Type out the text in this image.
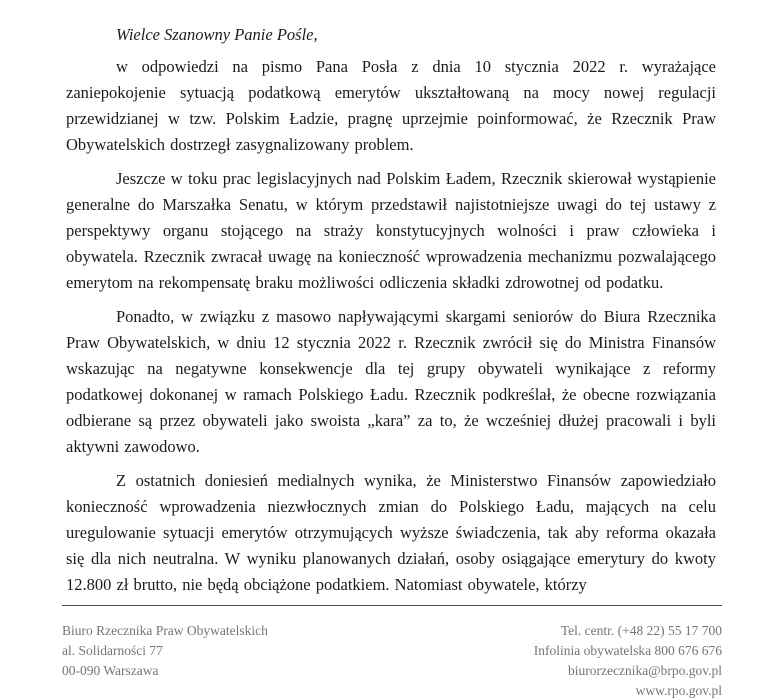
Wielce Szanowny Panie Pośle,

w odpowiedzi na pismo Pana Posła z dnia 10 stycznia 2022 r. wyrażające zaniepokojenie sytuacją podatkową emerytów ukształtowaną na mocy nowej regulacji przewidzianej w tzw. Polskim Ładzie, pragnę uprzejmie poinformować, że Rzecznik Praw Obywatelskich dostrzegł zasygnalizowany problem.

Jeszcze w toku prac legislacyjnych nad Polskim Ładem, Rzecznik skierował wystąpienie generalne do Marszałka Senatu, w którym przedstawił najistotniejsze uwagi do tej ustawy z perspektywy organu stojącego na straży konstytucyjnych wolności i praw człowieka i obywatela. Rzecznik zwracał uwagę na konieczność wprowadzenia mechanizmu pozwalającego emerytom na rekompensatę braku możliwości odliczenia składki zdrowotnej od podatku.

Ponadto, w związku z masowo napływającymi skargami seniorów do Biura Rzecznika Praw Obywatelskich, w dniu 12 stycznia 2022 r. Rzecznik zwrócił się do Ministra Finansów wskazując na negatywne konsekwencje dla tej grupy obywateli wynikające z reformy podatkowej dokonanej w ramach Polskiego Ładu. Rzecznik podkreślał, że obecne rozwiązania odbierane są przez obywateli jako swoista „kara” za to, że wcześniej dłużej pracowali i byli aktywni zawodowo.

Z ostatnich doniesień medialnych wynika, że Ministerstwo Finansów zapowiedziało konieczność wprowadzenia niezwłocznych zmian do Polskiego Ładu, mających na celu uregulowanie sytuacji emerytów otrzymujących wyższe świadczenia, tak aby reforma okazała się dla nich neutralna. W wyniku planowanych działań, osoby osiągające emerytury do kwoty 12.800 zł brutto, nie będą obciążone podatkiem. Natomiast obywatele, którzy

Biuro Rzecznika Praw Obywatelskich
al. Solidarności 77
00-090 Warszawa
Tel. centr. (+48 22) 55 17 700
Infolinia obywatelska 800 676 676
biurorzecznika@brpo.gov.pl
www.rpo.gov.pl
